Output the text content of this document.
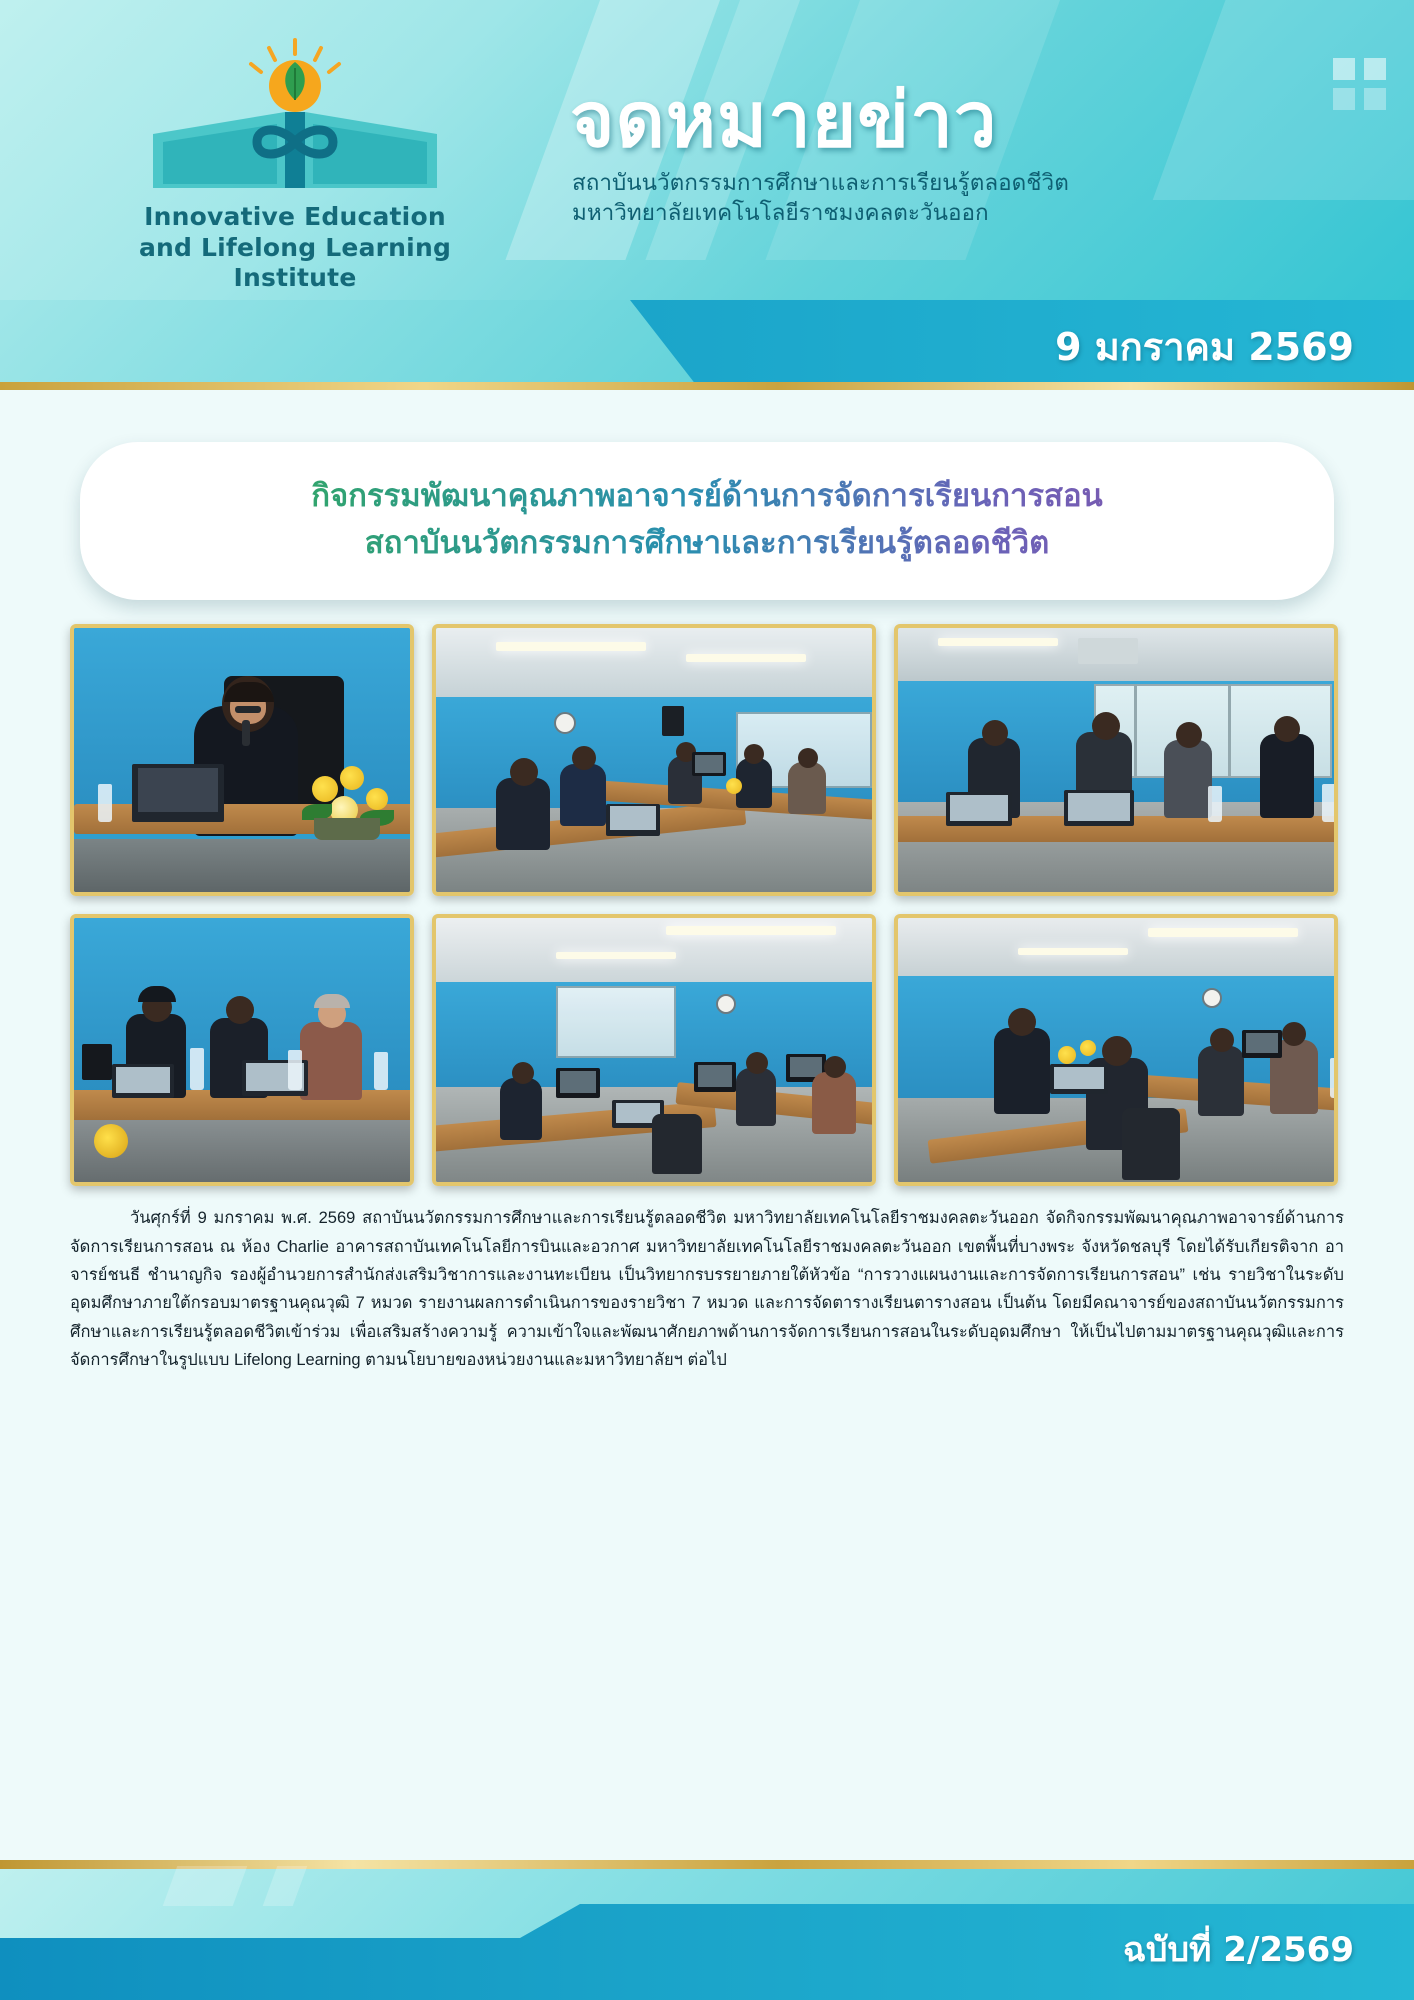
Innovative Education
and Lifelong Learning
Institute
จดหมายข่าว
สถาบันนวัตกรรมการศึกษาและการเรียนรู้ตลอดชีวิต
มหาวิทยาลัยเทคโนโลยีราชมงคลตะวันออก
9 มกราคม 2569
กิจกรรมพัฒนาคุณภาพอาจารย์ด้านการจัดการเรียนการสอน
สถาบันนวัตกรรมการศึกษาและการเรียนรู้ตลอดชีวิต
วันศุกร์ที่ 9 มกราคม พ.ศ. 2569 สถาบันนวัตกรรมการศึกษาและการเรียนรู้ตลอดชีวิต มหาวิทยาลัยเทคโนโลยีราชมงคลตะวันออก จัดกิจกรรมพัฒนาคุณภาพอาจารย์ด้านการจัดการเรียนการสอน ณ ห้อง Charlie อาคารสถาบันเทคโนโลยีการบินและอวกาศ มหาวิทยาลัยเทคโนโลยีราชมงคลตะวันออก เขตพื้นที่บางพระ จังหวัดชลบุรี โดยได้รับเกียรติจาก อาจารย์ชนธี ชำนาญกิจ รองผู้อำนวยการสำนักส่งเสริมวิชาการและงานทะเบียน เป็นวิทยากรบรรยายภายใต้หัวข้อ “การวางแผนงานและการจัดการเรียนการสอน” เช่น รายวิชาในระดับอุดมศึกษาภายใต้กรอบมาตรฐานคุณวุฒิ 7 หมวด รายงานผลการดำเนินการของรายวิชา 7 หมวด และการจัดตารางเรียนตารางสอน เป็นต้น โดยมีคณาจารย์ของสถาบันนวัตกรรมการศึกษาและการเรียนรู้ตลอดชีวิตเข้าร่วม เพื่อเสริมสร้างความรู้ ความเข้าใจและพัฒนาศักยภาพด้านการจัดการเรียนการสอนในระดับอุดมศึกษา ให้เป็นไปตามมาตรฐานคุณวุฒิและการจัดการศึกษาในรูปแบบ Lifelong Learning ตามนโยบายของหน่วยงานและมหาวิทยาลัยฯ ต่อไป
ฉบับที่ 2/2569
